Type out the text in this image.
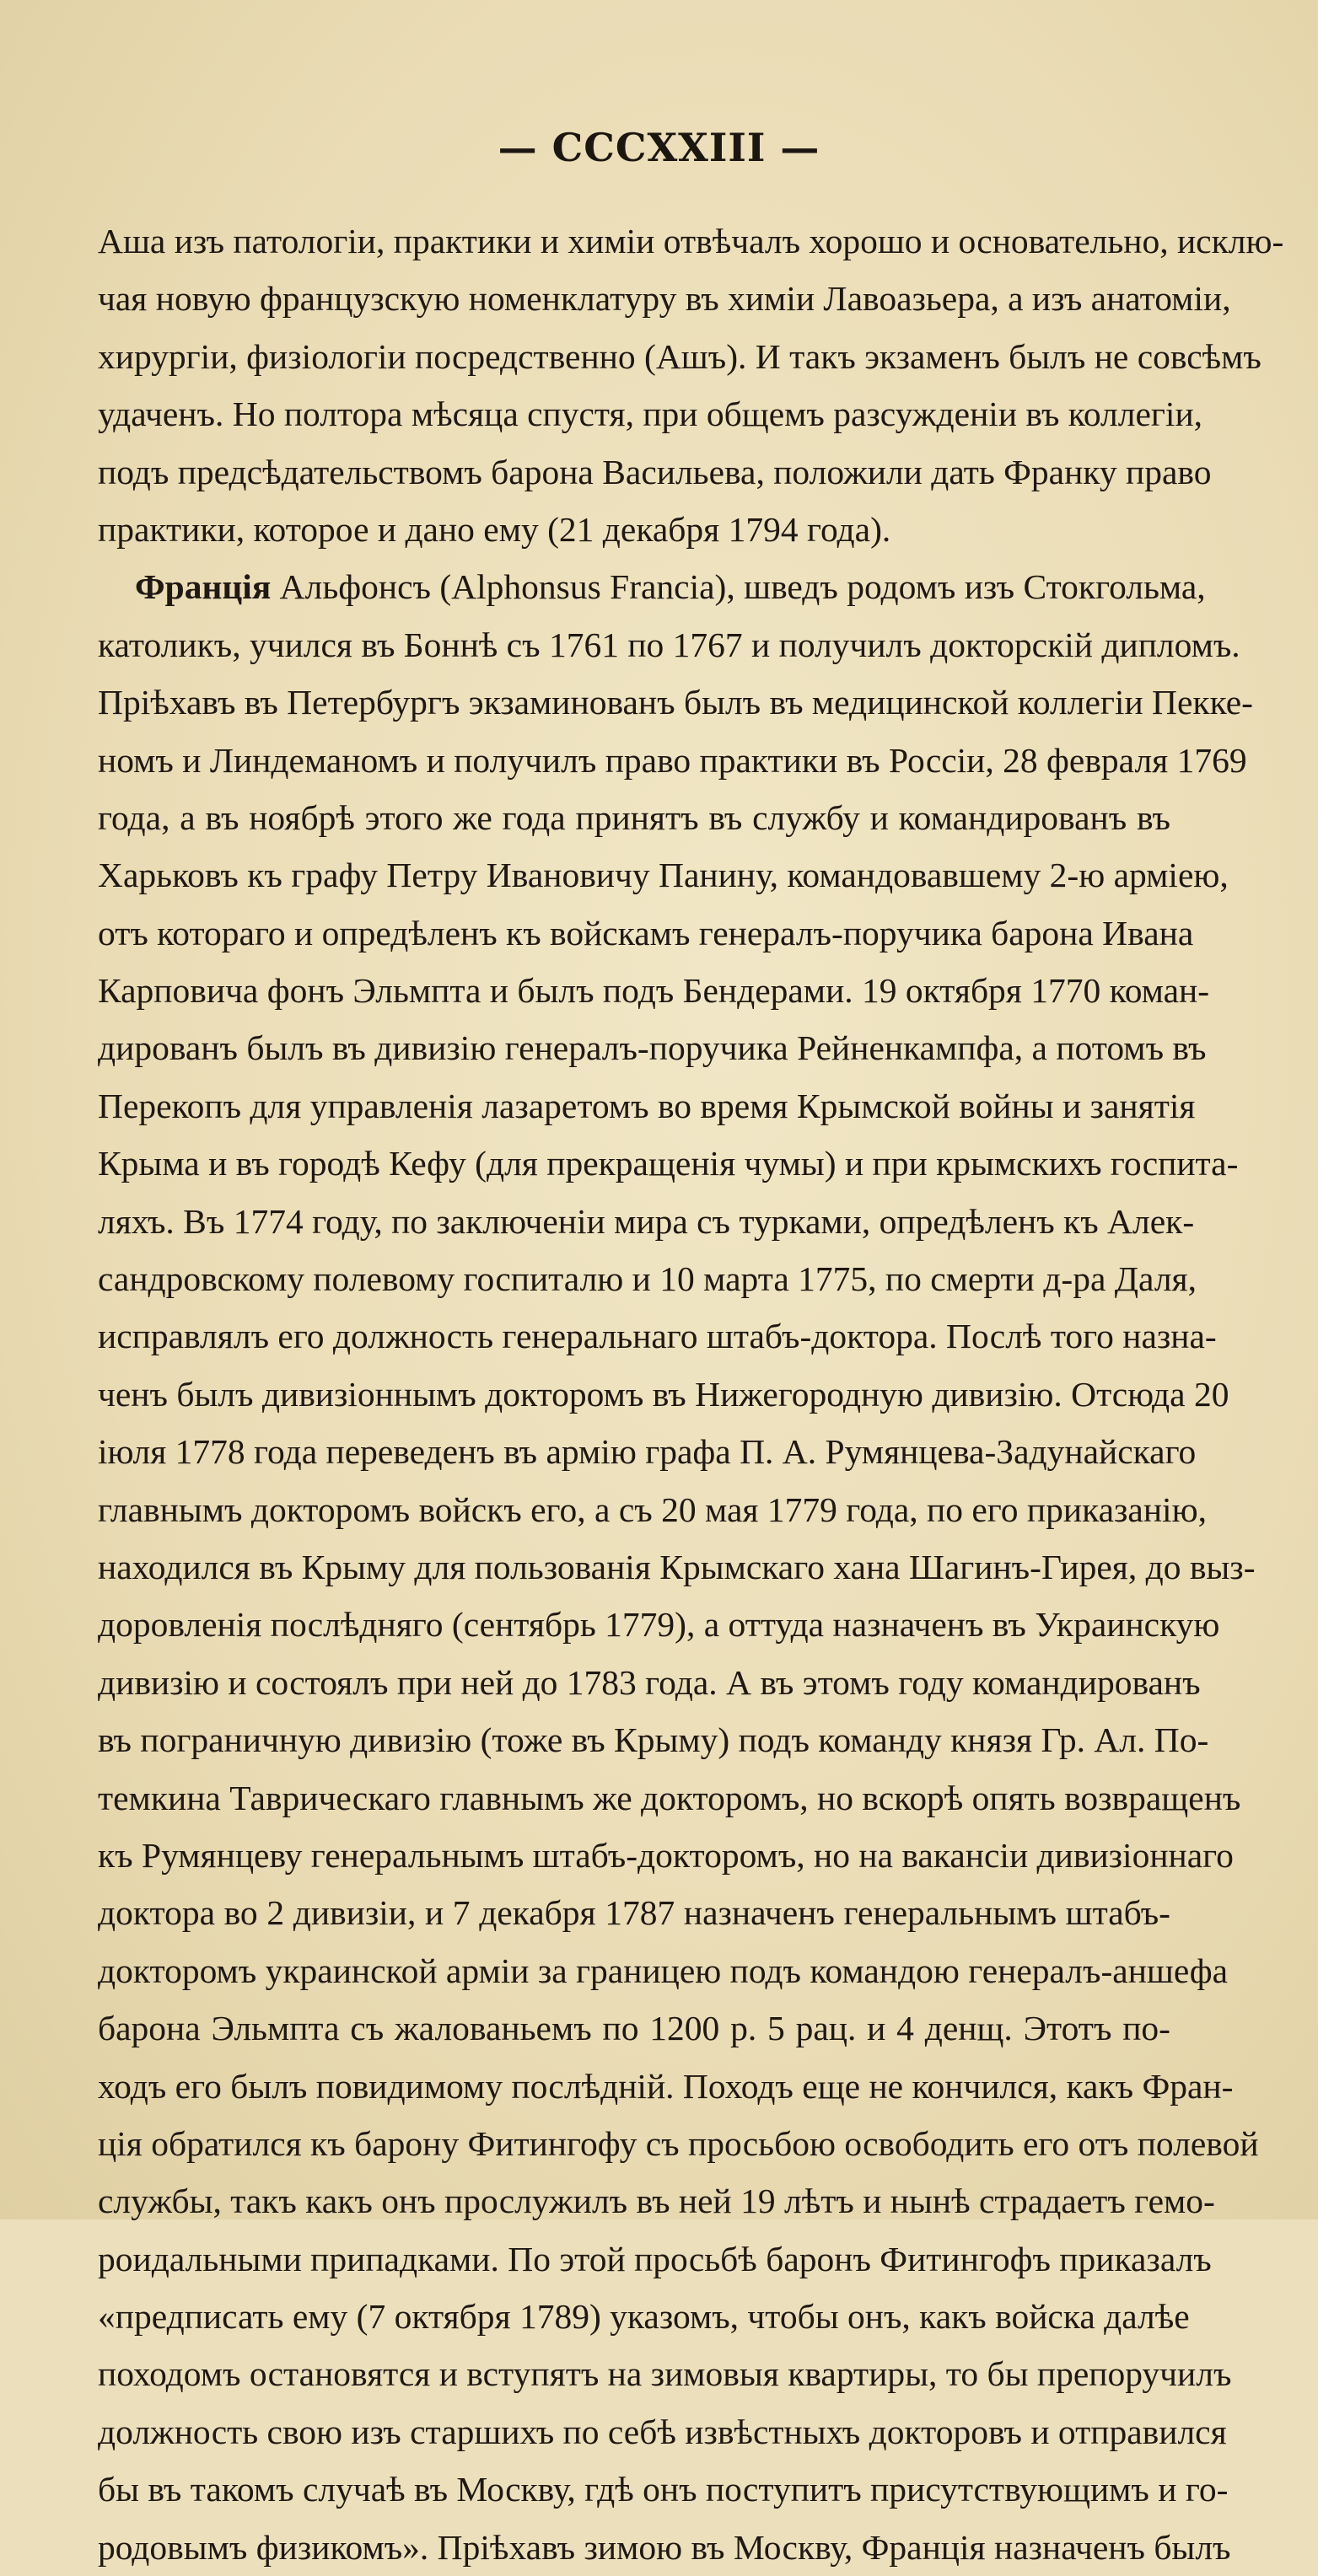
— CCCXXIII —
Аша изъ патологіи, практики и химіи отвѣчалъ хорошо и основательно, исклю-
чая новую французскую номенклатуру въ химіи Лавоазьера, а изъ анатоміи,
хирургіи, физіологіи посредственно (Ашъ). И такъ экзаменъ былъ не совсѣмъ
удаченъ. Но полтора мѣсяца спустя, при общемъ разсужденіи въ коллегіи,
подъ предсѣдательствомъ барона Васильева, положили дать Франку право
практики, которое и дано ему (21 декабря 1794 года).
Франція Альфонсъ (Alphonsus Francia), шведъ родомъ изъ Стокгольма,
католикъ, учился въ Боннѣ съ 1761 по 1767 и получилъ докторскій дипломъ.
Пріѣхавъ въ Петербургъ экзаминованъ былъ въ медицинской коллегіи Пекке-
номъ и Линдеманомъ и получилъ право практики въ Россіи, 28 февраля 1769
года, а въ ноябрѣ этого же года принятъ въ службу и командированъ въ
Харьковъ къ графу Петру Ивановичу Панину, командовавшему 2-ю арміею,
отъ котораго и опредѣленъ къ войскамъ генералъ-поручика барона Ивана
Карповича фонъ Эльмпта и былъ подъ Бендерами. 19 октября 1770 коман-
дированъ былъ въ дивизію генералъ-поручика Рейненкампфа, а потомъ въ
Перекопъ для управленія лазаретомъ во время Крымской войны и занятія
Крыма и въ городѣ Кефу (для прекращенія чумы) и при крымскихъ госпита-
ляхъ. Въ 1774 году, по заключеніи мира съ турками, опредѣленъ къ Алек-
сандровскому полевому госпиталю и 10 марта 1775, по смерти д-ра Даля,
исправлялъ его должность генеральнаго штабъ-доктора. Послѣ того назна-
ченъ былъ дивизіоннымъ докторомъ въ Нижегородную дивизію. Отсюда 20
іюля 1778 года переведенъ въ армію графа П. А. Румянцева-Задунайскаго
главнымъ докторомъ войскъ его, а съ 20 мая 1779 года, по его приказанію,
находился въ Крыму для пользованія Крымскаго хана Шагинъ-Гирея, до выз-
доровленія послѣдняго (сентябрь 1779), а оттуда назначенъ въ Украинскую
дивизію и состоялъ при ней до 1783 года. А въ этомъ году командированъ
въ пограничную дивизію (тоже въ Крыму) подъ команду князя Гр. Ал. По-
темкина Таврическаго главнымъ же докторомъ, но вскорѣ опять возвращенъ
къ Румянцеву генеральнымъ штабъ-докторомъ, но на вакансіи дивизіоннаго
доктора во 2 дивизіи, и 7 декабря 1787 назначенъ генеральнымъ штабъ-
докторомъ украинской арміи за границею подъ командою генералъ-аншефа
барона Эльмпта съ жалованьемъ по 1200 р. 5 рац. и 4 денщ. Этотъ по-
ходъ его былъ повидимому послѣдній. Походъ еще не кончился, какъ Фран-
ція обратился къ барону Фитингофу съ просьбою освободить его отъ полевой
службы, такъ какъ онъ прослужилъ въ ней 19 лѣтъ и нынѣ страдаетъ гемо-
роидальными припадками. По этой просьбѣ баронъ Фитингофъ приказалъ
«предписать ему (7 октября 1789) указомъ, чтобы онъ, какъ войска далѣе
походомъ остановятся и вступятъ на зимовыя квартиры, то бы препоручилъ
должность свою изъ старшихъ по себѣ извѣстныхъ докторовъ и отправился
бы въ такомъ случаѣ въ Москву, гдѣ онъ поступитъ присутствующимъ и го-
родовымъ физикомъ». Пріѣхавъ зимою въ Москву, Франція назначенъ былъ
